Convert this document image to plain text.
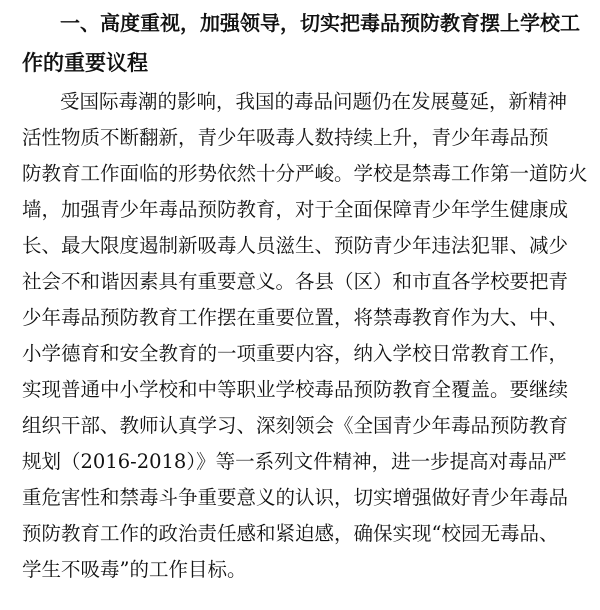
一、高度重视，加强领导，切实把毒品预防教育摆上学校工
作的重要议程

受国际毒潮的影响，我国的毒品问题仍在发展蔓延，新精神

活性物质不断翻新，青少年吸毒人数持续上升，青少年毒品预

防教育工作面临的形势依然十分严峻。学校是禁毒工作第一道防火

墙，加强青少年毒品预防教育，对于全面保障青少年学生健康成

长、最大限度遏制新吸毒人员滋生、预防青少年违法犯罪、减少

社会不和谐因素具有重要意义。各县（区）和市直各学校要把青

少年毒品预防教育工作摆在重要位置，将禁毒教育作为大、中、

小学德育和安全教育的一项重要内容，纳入学校日常教育工作，

实现普通中小学校和中等职业学校毒品预防教育全覆盖。要继续

组织干部、教师认真学习、深刻领会《全国青少年毒品预防教育

规划（2016-2018）》等一系列文件精神，进一步提高对毒品严

重危害性和禁毒斗争重要意义的认识，切实增强做好青少年毒品

预防教育工作的政治责任感和紧迫感，确保实现“校园无毒品、

学生不吸毒”的工作目标。
